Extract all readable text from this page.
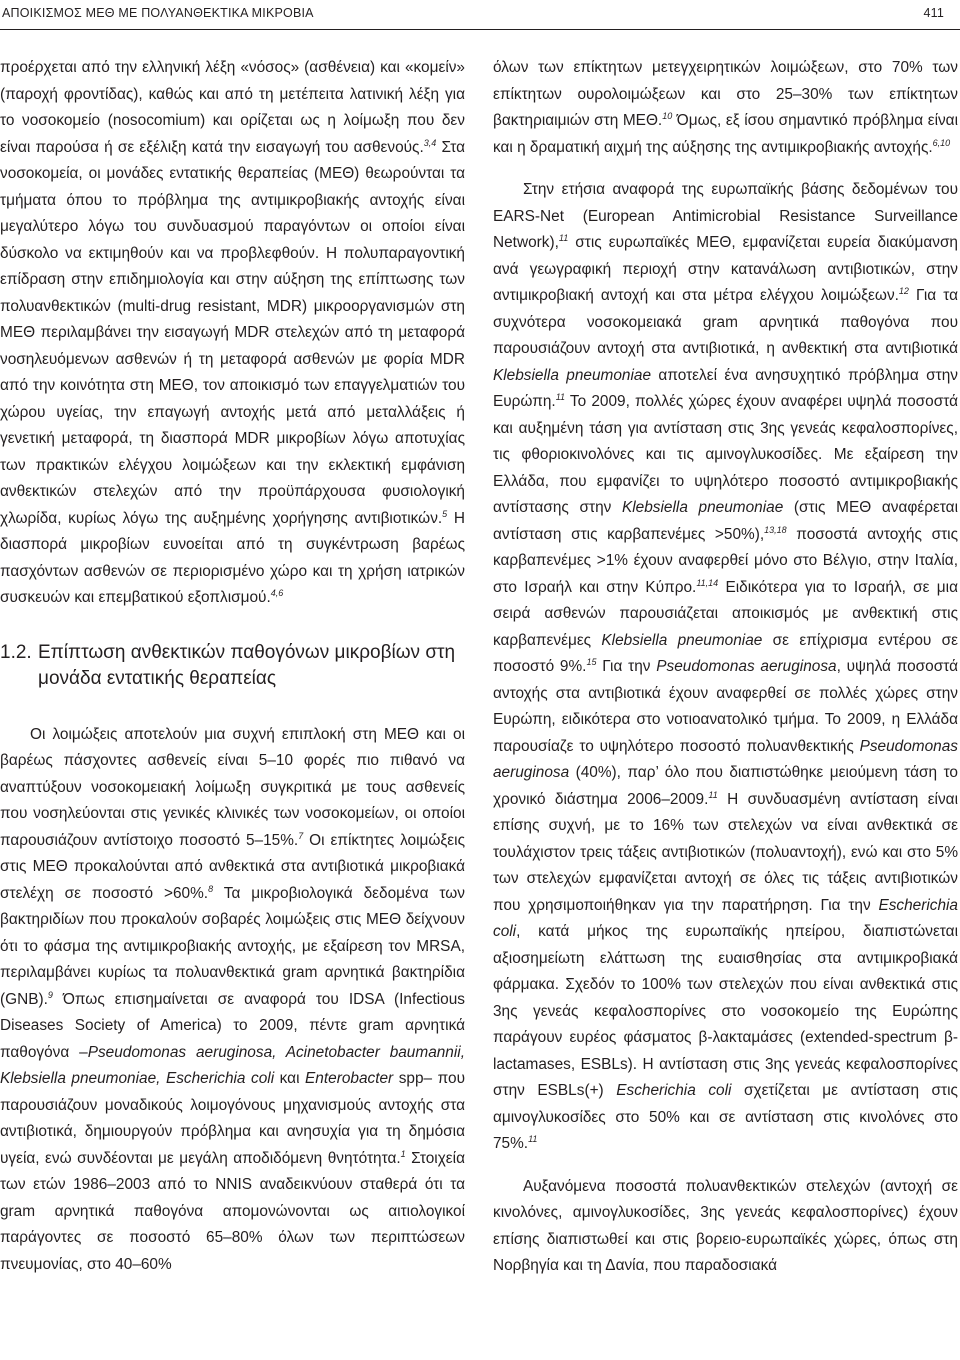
ΑΠΟΙΚΙΣΜΟΣ ΜΕΘ ΜΕ ΠΟΛΥΑΝΘΕΚΤΙΚΑ ΜΙΚΡΟΒΙΑ	411

προέρχεται από την ελληνική λέξη «νόσος» (ασθένεια) και «κομείν» (παροχή φροντίδας), καθώς και από τη μετέπειτα λατινική λέξη για το νοσοκομείο (nosocomium) και ορίζεται ως η λοίμωξη που δεν είναι παρούσα ή σε εξέλιξη κατά την εισαγωγή του ασθενούς.$^{3,4}$ Στα νοσοκομεία, οι μονάδες εντατικής θεραπείας (ΜΕΘ) θεωρούνται τα τμήματα όπου το πρόβλημα της αντιμικροβιακής αντοχής είναι μεγαλύτερο λόγω του συνδυασμού παραγόντων οι οποίοι είναι δύσκολο να εκτιμηθούν και να προβλεφθούν. Η πολυπαραγοντική επίδραση στην επιδημιολογία και στην αύξηση της επίπτωσης των πολυανθεκτικών (multi-drug resistant, MDR) μικροοργανισμών στη ΜΕΘ περιλαμβάνει την εισαγωγή MDR στελεχών από τη μεταφορά νοσηλευόμενων ασθενών ή τη μεταφορά ασθενών με φορία MDR από την κοινότητα στη ΜΕΘ, τον αποικισμό των επαγγελματιών του χώρου υγείας, την επαγωγή αντοχής μετά από μεταλλάξεις ή γενετική μεταφορά, τη διασπορά MDR μικροβίων λόγω αποτυχίας των πρακτικών ελέγχου λοιμώξεων και την εκλεκτική εμφάνιση ανθεκτικών στελεχών από την προϋπάρχουσα φυσιολογική χλωρίδα, κυρίως λόγω της αυξημένης χορήγησης αντιβιοτικών.$^5$ Η διασπορά μικροβίων ευνοείται από τη συγκέντρωση βαρέως πασχόντων ασθενών σε περιορισμένο χώρο και τη χρήση ιατρικών συσκευών και επεμβατικού εξοπλισμού.$^{4,6}$

1.2. Επίπτωση ανθεκτικών παθογόνων μικροβίων στη μονάδα εντατικής θεραπείας

Οι λοιμώξεις αποτελούν μια συχνή επιπλοκή στη ΜΕΘ και οι βαρέως πάσχοντες ασθενείς είναι 5–10 φορές πιο πιθανό να αναπτύξουν νοσοκομειακή λοίμωξη συγκριτικά με τους ασθενείς που νοσηλεύονται στις γενικές κλινικές των νοσοκομείων, οι οποίοι παρουσιάζουν αντίστοιχο ποσοστό 5–15%.$^7$ Οι επίκτητες λοιμώξεις στις ΜΕΘ προκαλούνται από ανθεκτικά στα αντιβιοτικά μικροβιακά στελέχη σε ποσοστό >60%.$^8$ Τα μικροβιολογικά δεδομένα των βακτηριδίων που προκαλούν σοβαρές λοιμώξεις στις ΜΕΘ δείχνουν ότι το φάσμα της αντιμικροβιακής αντοχής, με εξαίρεση τον MRSA, περιλαμβάνει κυρίως τα πολυανθεκτικά gram αρνητικά βακτηρίδια (GNB).$^9$ Όπως επισημαίνεται σε αναφορά του IDSA (Infectious Diseases Society of America) το 2009, πέντε gram αρνητικά παθογόνα –Pseudomonas aeruginosa, Acinetobacter baumannii, Klebsiella pneumoniae, Escherichia coli και Enterobacter spp– που παρουσιάζουν μοναδικούς λοιμογόνους μηχανισμούς αντοχής στα αντιβιοτικά, δημιουργούν πρόβλημα και ανησυχία για τη δημόσια υγεία, ενώ συνδέονται με μεγάλη αποδιδόμενη θνητότητα.$^1$ Στοιχεία των ετών 1986–2003 από το NNIS αναδεικνύουν σταθερά ότι τα gram αρνητικά παθογόνα απομονώνονται ως αιτιολογικοί παράγοντες σε ποσοστό 65–80% όλων των περιπτώσεων πνευμονίας, στο 40–60%

όλων των επίκτητων μετεγχειρητικών λοιμώξεων, στο 70% των επίκτητων ουρολοιμώξεων και στο 25–30% των επίκτητων βακτηριαιμιών στη ΜΕΘ.$^{10}$ Όμως, εξ ίσου σημαντικό πρόβλημα είναι και η δραματική αιχμή της αύξησης της αντιμικροβιακής αντοχής.$^{6,10}$

Στην ετήσια αναφορά της ευρωπαϊκής βάσης δεδομένων του EARS-Net (European Antimicrobial Resistance Surveillance Network),$^{11}$ στις ευρωπαϊκές ΜΕΘ, εμφανίζεται ευρεία διακύμανση ανά γεωγραφική περιοχή στην κατανάλωση αντιβιοτικών, στην αντιμικροβιακή αντοχή και στα μέτρα ελέγχου λοιμώξεων.$^{12}$ Για τα συχνότερα νοσοκομειακά gram αρνητικά παθογόνα που παρουσιάζουν αντοχή στα αντιβιοτικά, η ανθεκτική στα αντιβιοτικά Klebsiella pneumoniae αποτελεί ένα ανησυχητικό πρόβλημα στην Ευρώπη.$^{11}$ Το 2009, πολλές χώρες έχουν αναφέρει υψηλά ποσοστά και αυξημένη τάση για αντίσταση στις 3ης γενεάς κεφαλοσπορίνες, τις φθοριοκινολόνες και τις αμινογλυκοσίδες. Με εξαίρεση την Ελλάδα, που εμφανίζει το υψηλότερο ποσοστό αντιμικροβιακής αντίστασης στην Klebsiella pneumoniae (στις ΜΕΘ αναφέρεται αντίσταση στις καρβαπενέμες >50%),$^{13,18}$ ποσοστά αντοχής στις καρβαπενέμες >1% έχουν αναφερθεί μόνο στο Βέλγιο, στην Ιταλία, στο Ισραήλ και στην Κύπρο.$^{11,14}$ Ειδικότερα για το Ισραήλ, σε μια σειρά ασθενών παρουσιάζεται αποικισμός με ανθεκτική στις καρβαπενέμες Klebsiella pneumoniae σε επίχρισμα εντέρου σε ποσοστό 9%.$^{15}$ Για την Pseudomonas aeruginosa, υψηλά ποσοστά αντοχής στα αντιβιοτικά έχουν αναφερθεί σε πολλές χώρες στην Ευρώπη, ειδικότερα στο νοτιοανατολικό τμήμα. Το 2009, η Ελλάδα παρουσίαζε το υψηλότερο ποσοστό πολυανθεκτικής Pseudomonas aeruginosa (40%), παρ’ όλο που διαπιστώθηκε μειούμενη τάση το χρονικό διάστημα 2006–2009.11 Η συνδυασμένη αντίσταση είναι επίσης συχνή, με το 16% των στελεχών να είναι ανθεκτικά σε τουλάχιστον τρεις τάξεις αντιβιοτικών (πολυαντοχή), ενώ και στο 5% των στελεχών εμφανίζεται αντοχή σε όλες τις τάξεις αντιβιοτικών που χρησιμοποιήθηκαν για την παρατήρηση. Για την Escherichia coli, κατά μήκος της ευρωπαϊκής ηπείρου, διαπιστώνεται αξιοσημείωτη ελάττωση της ευαισθησίας στα αντιμικροβιακά φάρμακα. Σχεδόν το 100% των στελεχών που είναι ανθεκτικά στις 3ης γενεάς κεφαλοσπορίνες στο νοσοκομείο της Ευρώπης παράγουν ευρέος φάσματος β-λακταμάσες (extended-spectrum β-lactamases, ESBLs). Η αντίσταση στις 3ης γενεάς κεφαλοσπορίνες στην ESBLs(+) Escherichia coli σχετίζεται με αντίσταση στις αμινογλυκοσίδες στο 50% και σε αντίσταση στις κινολόνες στο 75%.$^{11}$

Αυξανόμενα ποσοστά πολυανθεκτικών στελεχών (αντοχή σε κινολόνες, αμινογλυκοσίδες, 3ης γενεάς κεφαλοσπορίνες) έχουν επίσης διαπιστωθεί και στις βορειο-ευρωπαϊκές χώρες, όπως στη Νορβηγία και τη Δανία, που παραδοσιακά
